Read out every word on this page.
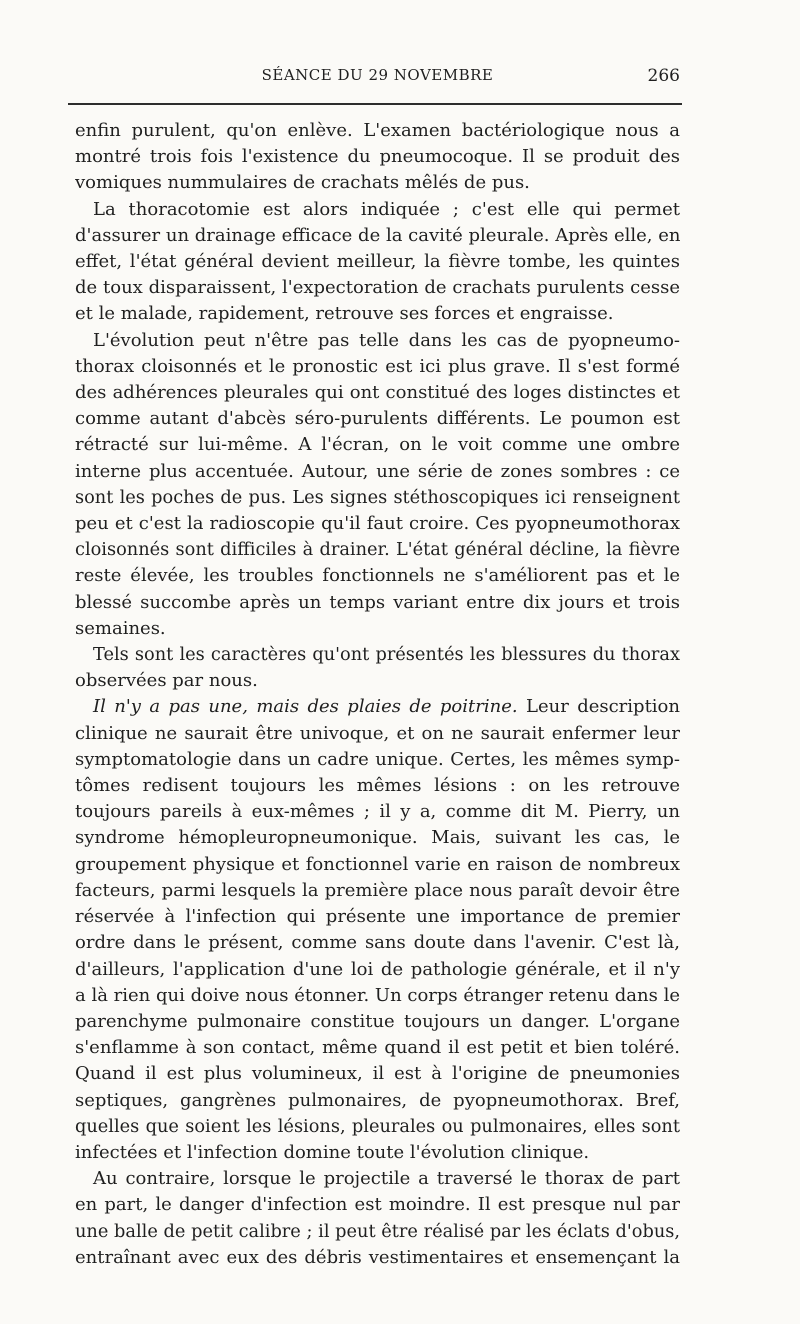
SÉANCE DU 29 NOVEMBRE	266
enfin purulent, qu'on enlève. L'examen bactériologique nous a
montré trois fois l'existence du pneumocoque. Il se produit des
vomiques nummulaires de crachats mêlés de pus.
La thoracotomie est alors indiquée ; c'est elle qui permet
d'assurer un drainage efficace de la cavité pleurale. Après elle, en
effet, l'état général devient meilleur, la fièvre tombe, les quintes
de toux disparaissent, l'expectoration de crachats purulents cesse
et le malade, rapidement, retrouve ses forces et engraisse.
L'évolution peut n'être pas telle dans les cas de pyopneumo-
thorax cloisonnés et le pronostic est ici plus grave. Il s'est formé
des adhérences pleurales qui ont constitué des loges distinctes et
comme autant d'abcès séro-purulents différents. Le poumon est
rétracté sur lui-même. A l'écran, on le voit comme une ombre
interne plus accentuée. Autour, une série de zones sombres : ce
sont les poches de pus. Les signes stéthoscopiques ici renseignent
peu et c'est la radioscopie qu'il faut croire. Ces pyopneumothorax
cloisonnés sont difficiles à drainer. L'état général décline, la fièvre
reste élevée, les troubles fonctionnels ne s'améliorent pas et le
blessé succombe après un temps variant entre dix jours et trois
semaines.
Tels sont les caractères qu'ont présentés les blessures du thorax
observées par nous.
Il n'y a pas une, mais des plaies de poitrine. Leur description
clinique ne saurait être univoque, et on ne saurait enfermer leur
symptomatologie dans un cadre unique. Certes, les mêmes symp-
tômes redisent toujours les mêmes lésions : on les retrouve
toujours pareils à eux-mêmes ; il y a, comme dit M. Pierry, un
syndrome hémopleuropneumonique. Mais, suivant les cas, le
groupement physique et fonctionnel varie en raison de nombreux
facteurs, parmi lesquels la première place nous paraît devoir être
réservée à l'infection qui présente une importance de premier
ordre dans le présent, comme sans doute dans l'avenir. C'est là,
d'ailleurs, l'application d'une loi de pathologie générale, et il n'y
a là rien qui doive nous étonner. Un corps étranger retenu dans le
parenchyme pulmonaire constitue toujours un danger. L'organe
s'enflamme à son contact, même quand il est petit et bien toléré.
Quand il est plus volumineux, il est à l'origine de pneumonies
septiques, gangrènes pulmonaires, de pyopneumothorax. Bref,
quelles que soient les lésions, pleurales ou pulmonaires, elles sont
infectées et l'infection domine toute l'évolution clinique.
Au contraire, lorsque le projectile a traversé le thorax de part
en part, le danger d'infection est moindre. Il est presque nul par
une balle de petit calibre ; il peut être réalisé par les éclats d'obus,
entraînant avec eux des débris vestimentaires et ensemençant la
